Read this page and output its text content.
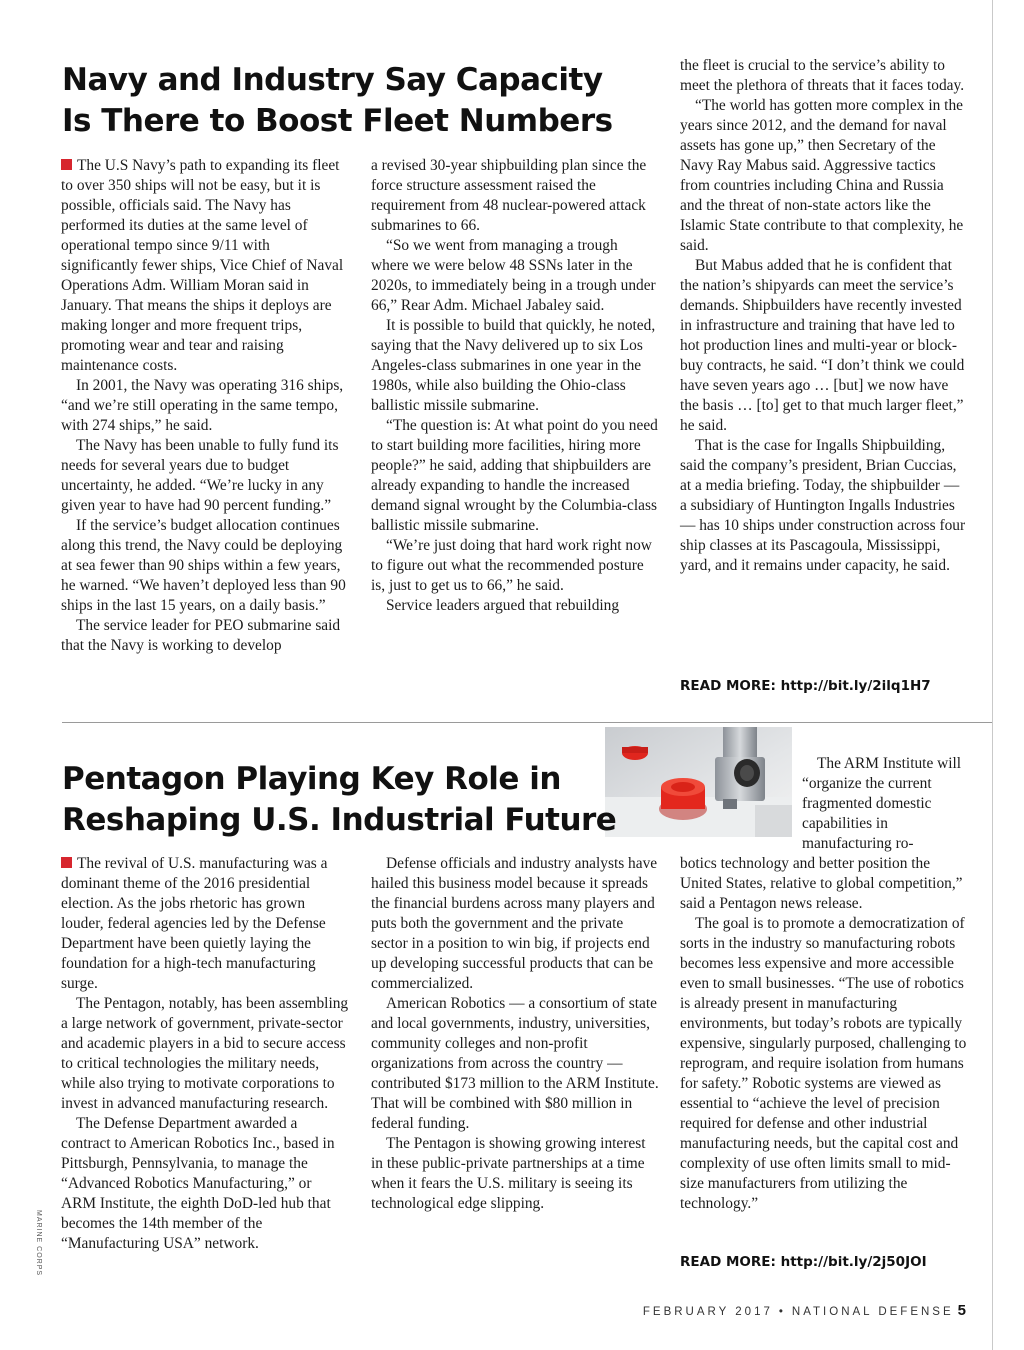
Navy and Industry Say Capacity
Is There to Boost Fleet Numbers

The U.S Navy’s path to expanding its fleet to over 350 ships will not be easy, but it is possible, officials said. The Navy has performed its duties at the same level of operational tempo since 9/11 with significantly fewer ships, Vice Chief of Naval Operations Adm. William Moran said in January. That means the ships it deploys are making longer and more frequent trips, promoting wear and tear and raising maintenance costs.

In 2001, the Navy was operating 316 ships, “and we’re still operating in the same tempo, with 274 ships,” he said.

The Navy has been unable to fully fund its needs for several years due to budget uncertainty, he added. “We’re lucky in any given year to have had 90 percent funding.”

If the service’s budget allocation continues along this trend, the Navy could be deploying at sea fewer than 90 ships within a few years, he warned. “We haven’t deployed less than 90 ships in the last 15 years, on a daily basis.”

The service leader for PEO submarine said that the Navy is working to develop

a revised 30-year shipbuilding plan since the force structure assessment raised the requirement from 48 nuclear-powered attack submarines to 66.

“So we went from managing a trough where we were below 48 SSNs later in the 2020s, to immediately being in a trough under 66,” Rear Adm. Michael Jabaley said.

It is possible to build that quickly, he noted, saying that the Navy delivered up to six Los Angeles-class submarines in one year in the 1980s, while also building the Ohio-class ballistic missile submarine.

“The question is: At what point do you need to start building more facilities, hiring more people?” he said, adding that shipbuilders are already expanding to handle the increased demand signal wrought by the Columbia-class ballistic missile submarine.

“We’re just doing that hard work right now to figure out what the recommended posture is, just to get us to 66,” he said.

Service leaders argued that rebuilding

the fleet is crucial to the service’s ability to meet the plethora of threats that it faces today.

“The world has gotten more complex in the years since 2012, and the demand for naval assets has gone up,” then Secretary of the Navy Ray Mabus said. Aggressive tactics from countries including China and Russia and the threat of non-state actors like the Islamic State contribute to that complexity, he said.

But Mabus added that he is confident that the nation’s shipyards can meet the service’s demands. Shipbuilders have recently invested in infrastructure and training that have led to hot production lines and multi-year or block-buy contracts, he said. “I don’t think we could have seven years ago … [but] we now have the basis … [to] get to that much larger fleet,” he said.

That is the case for Ingalls Shipbuilding, said the company’s president, Brian Cuccias, at a media briefing. Today, the shipbuilder — a subsidiary of Huntington Ingalls Industries — has 10 ships under construction across four ship classes at its Pascagoula, Mississippi, yard, and it remains under capacity, he said.

READ MORE: http://bit.ly/2ilq1H7

Pentagon Playing Key Role in
Reshaping U.S. Industrial Future

The revival of U.S. manufacturing was a dominant theme of the 2016 presidential election. As the jobs rhetoric has grown louder, federal agencies led by the Defense Department have been quietly laying the foundation for a high-tech manufacturing surge.

The Pentagon, notably, has been assembling a large network of government, private-sector and academic players in a bid to secure access to critical technologies the military needs, while also trying to motivate corporations to invest in advanced manufacturing research.

The Defense Department awarded a contract to American Robotics Inc., based in Pittsburgh, Pennsylvania, to manage the “Advanced Robotics Manufacturing,” or ARM Institute, the eighth DoD-led hub that becomes the 14th member of the “Manufacturing USA” network.

Defense officials and industry analysts have hailed this business model because it spreads the financial burdens across many players and puts both the government and the private sector in a position to win big, if projects end up developing successful products that can be commercialized.

American Robotics — a consortium of state and local governments, industry, universities, community colleges and non-profit organizations from across the country — contributed $173 million to the ARM Institute. That will be combined with $80 million in federal funding.

The Pentagon is showing growing interest in these public-private partnerships at a time when it fears the U.S. military is seeing its technological edge slipping.

The ARM Institute will “organize the current fragmented domestic capabilities in manufacturing ro-

botics technology and better position the United States, relative to global competition,” said a Pentagon news release.

The goal is to promote a democratization of sorts in the industry so manufacturing robots becomes less expensive and more accessible even to small businesses. “The use of robotics is already present in manufacturing environments, but today’s robots are typically expensive, singularly purposed, challenging to reprogram, and require isolation from humans for safety.” Robotic systems are viewed as essential to “achieve the level of precision required for defense and other industrial manufacturing needs, but the capital cost and complexity of use often limits small to mid-size manufacturers from utilizing the technology.”

READ MORE: http://bit.ly/2j50JOI

MARINE CORPS

FEBRUARY 2017 • NATIONAL DEFENSE 5
